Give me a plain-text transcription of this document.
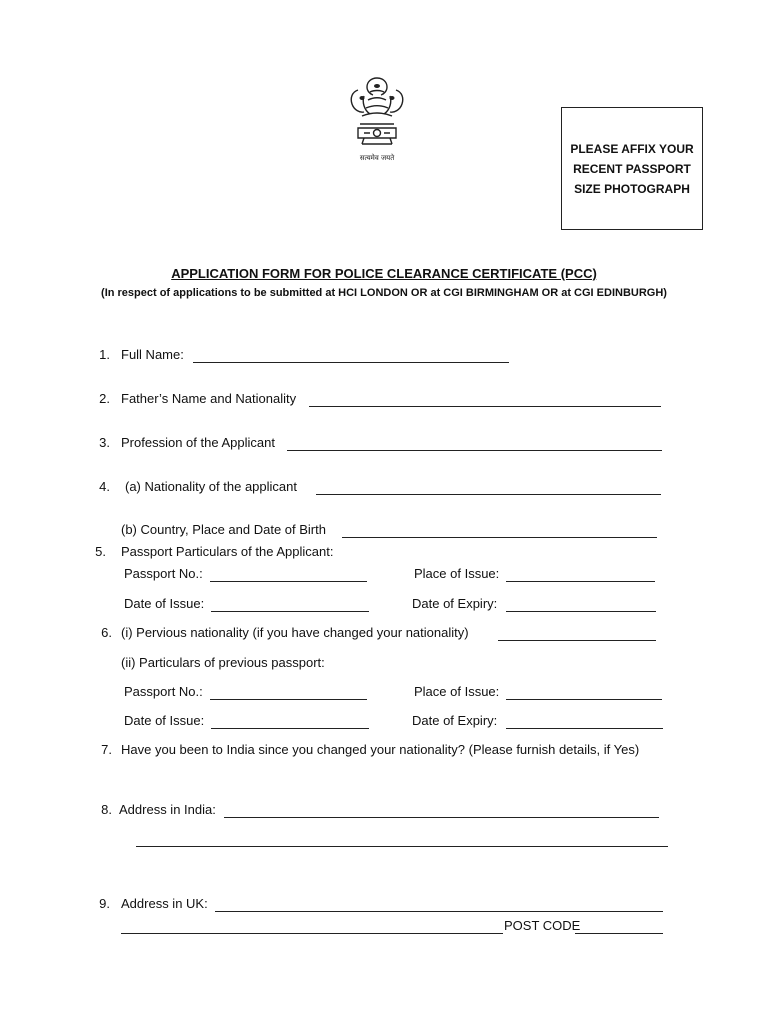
सत्यमेव जयते
PLEASE AFFIX YOUR
RECENT PASSPORT
SIZE PHOTOGRAPH
APPLICATION FORM FOR POLICE CLEARANCE CERTIFICATE (PCC)
(In respect of applications to be submitted at HCI LONDON OR at CGI BIRMINGHAM OR at CGI EDINBURGH)
1. Full Name:
2. Father’s Name and Nationality
3. Profession of the Applicant
4. (a) Nationality of the applicant
(b) Country, Place and Date of Birth
5. Passport Particulars of the Applicant:
Passport No.:	Place of Issue:
Date of Issue:	Date of Expiry:
6. (i) Pervious nationality (if you have changed your nationality)
(ii) Particulars of previous passport:
Passport No.:	Place of Issue:
Date of Issue:	Date of Expiry:
7. Have you been to India since you changed your nationality? (Please furnish details, if Yes)
8. Address in India:
9. Address in UK:
POST CODE
